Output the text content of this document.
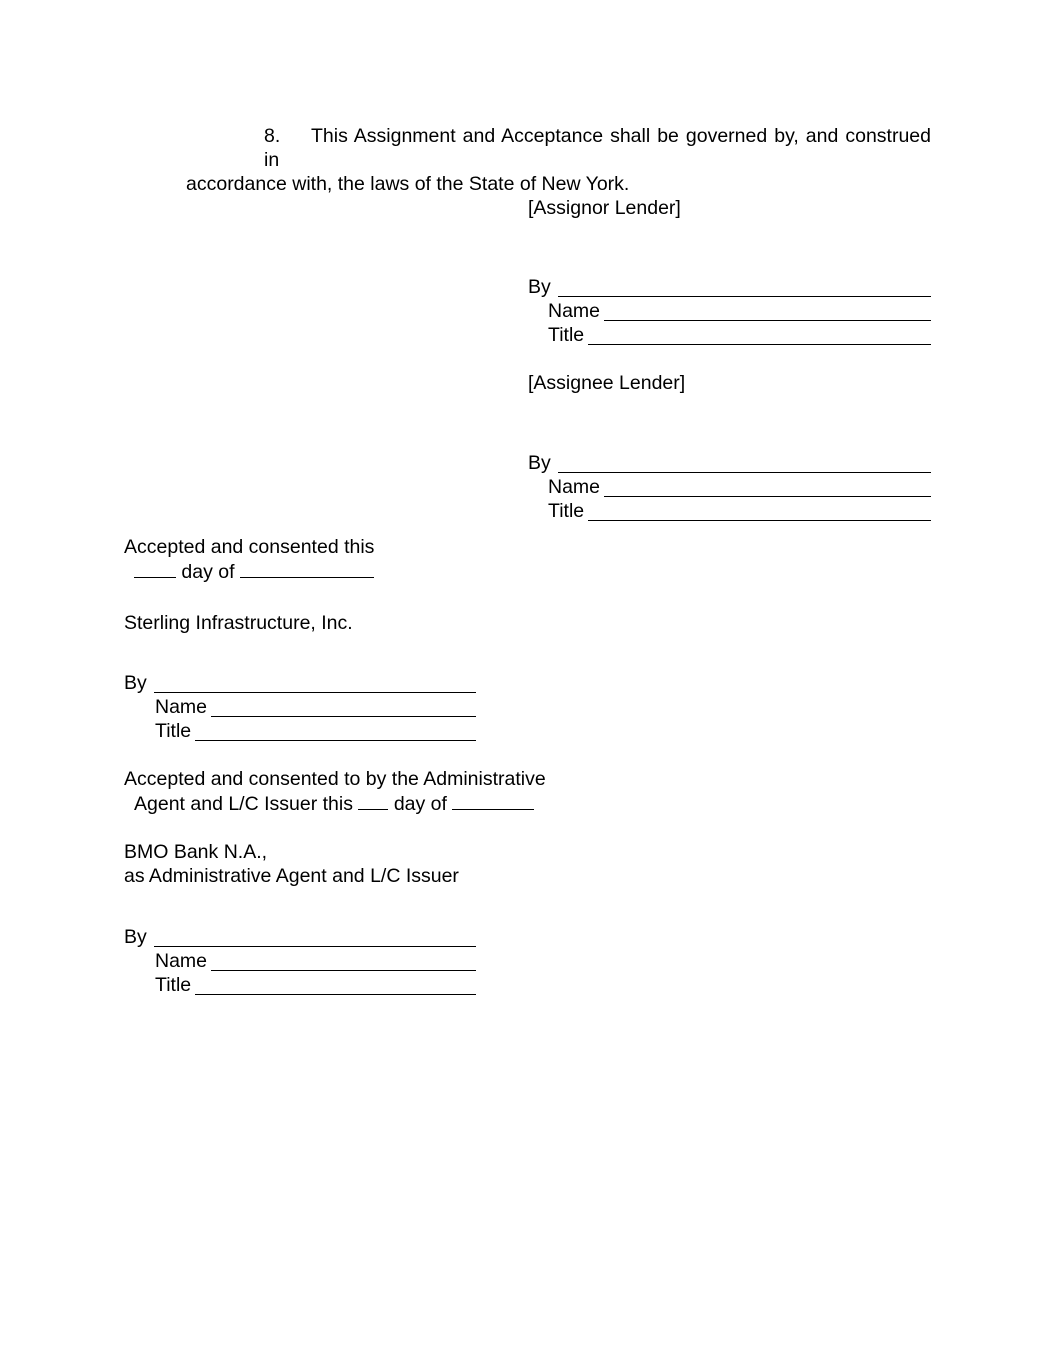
8. This Assignment and Acceptance shall be governed by, and construed in
accordance with, the laws of the State of New York.
[Assignor Lender]
By
Name
Title
[Assignee Lender]
By
Name
Title
Accepted and consented this
day of
Sterling Infrastructure, Inc.
By
Name
Title
Accepted and consented to by the Administrative
Agent and L/C Issuer this day of
BMO Bank N.A.,
as Administrative Agent and L/C Issuer
By
Name
Title
